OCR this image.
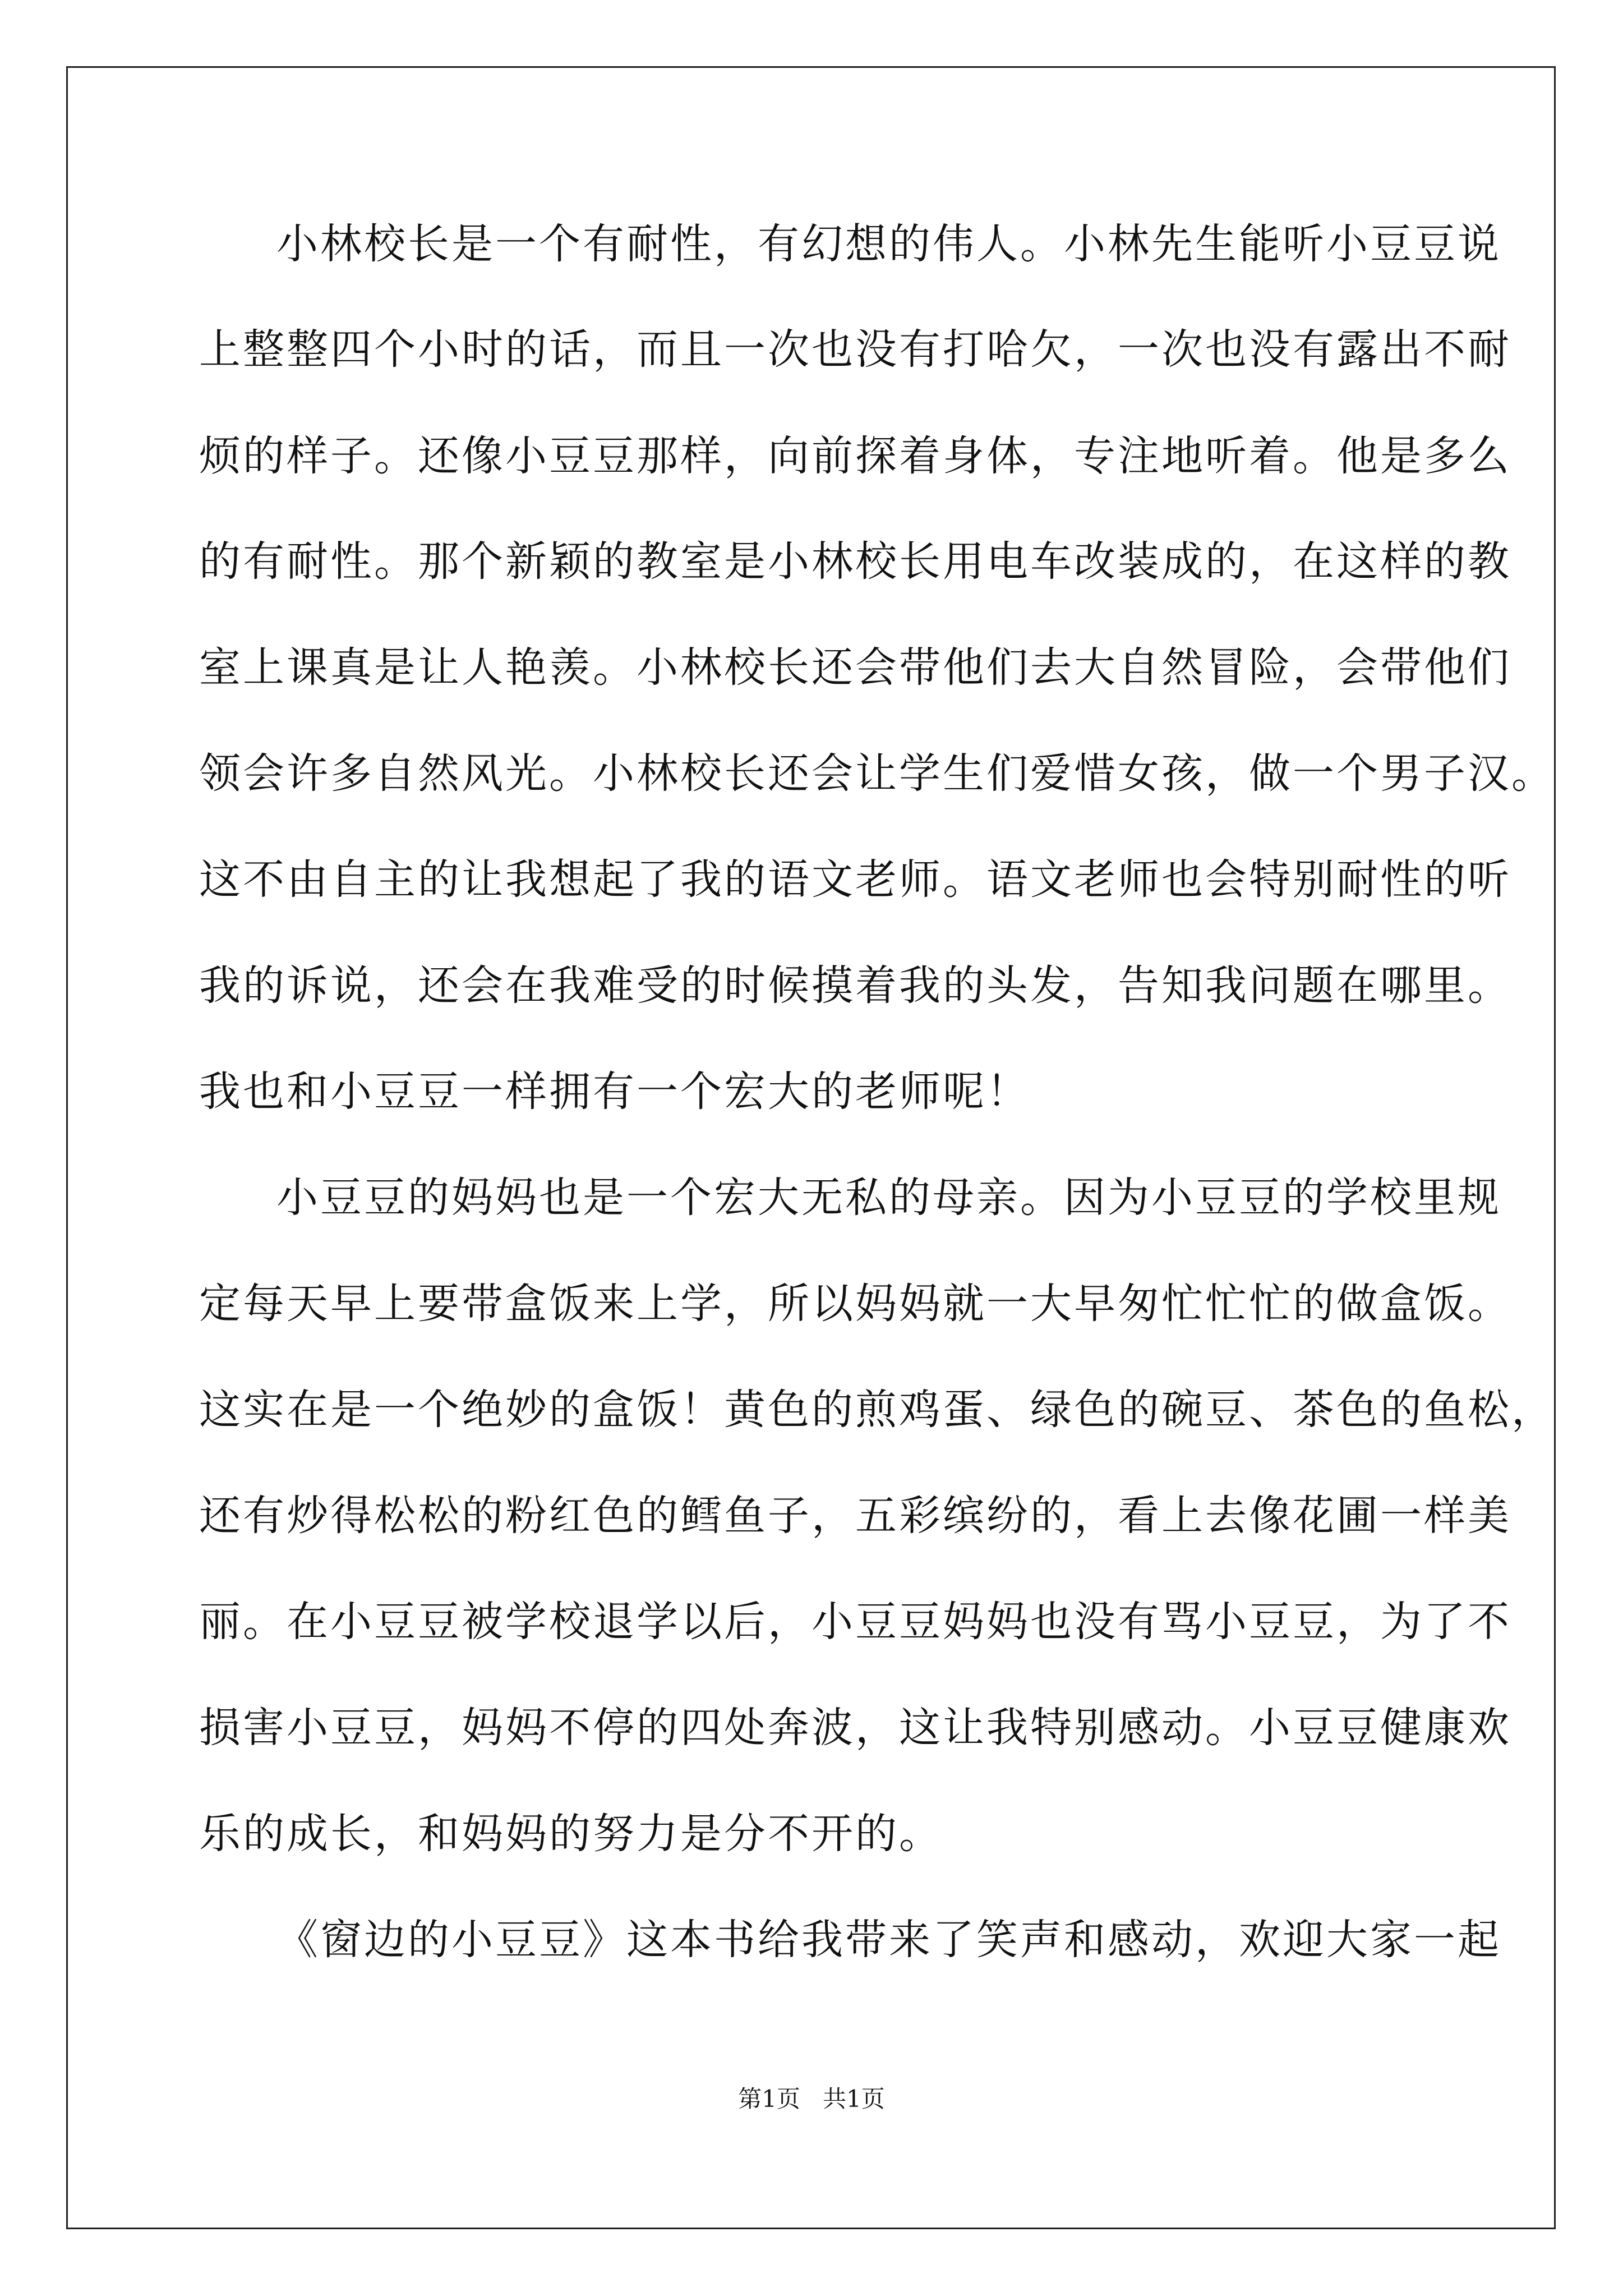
小林校长是一个有耐性，有幻想的伟人。小林先生能听小豆豆说

上整整四个小时的话，而且一次也没有打哈欠，一次也没有露出不耐

烦的样子。还像小豆豆那样，向前探着身体，专注地听着。他是多么

的有耐性。那个新颖的教室是小林校长用电车改装成的，在这样的教

室上课真是让人艳羡。小林校长还会带他们去大自然冒险，会带他们

领会许多自然风光。小林校长还会让学生们爱惜女孩，做一个男子汉。

这不由自主的让我想起了我的语文老师。语文老师也会特别耐性的听

我的诉说，还会在我难受的时候摸着我的头发，告知我问题在哪里。

我也和小豆豆一样拥有一个宏大的老师呢！

小豆豆的妈妈也是一个宏大无私的母亲。因为小豆豆的学校里规

定每天早上要带盒饭来上学，所以妈妈就一大早匆忙忙忙的做盒饭。

这实在是一个绝妙的盒饭！黄色的煎鸡蛋、绿色的碗豆、茶色的鱼松，

还有炒得松松的粉红色的鳕鱼子，五彩缤纷的，看上去像花圃一样美

丽。在小豆豆被学校退学以后，小豆豆妈妈也没有骂小豆豆，为了不

损害小豆豆，妈妈不停的四处奔波，这让我特别感动。小豆豆健康欢

乐的成长，和妈妈的努力是分不开的。

《窗边的小豆豆》这本书给我带来了笑声和感动，欢迎大家一起

第1页   共1页
